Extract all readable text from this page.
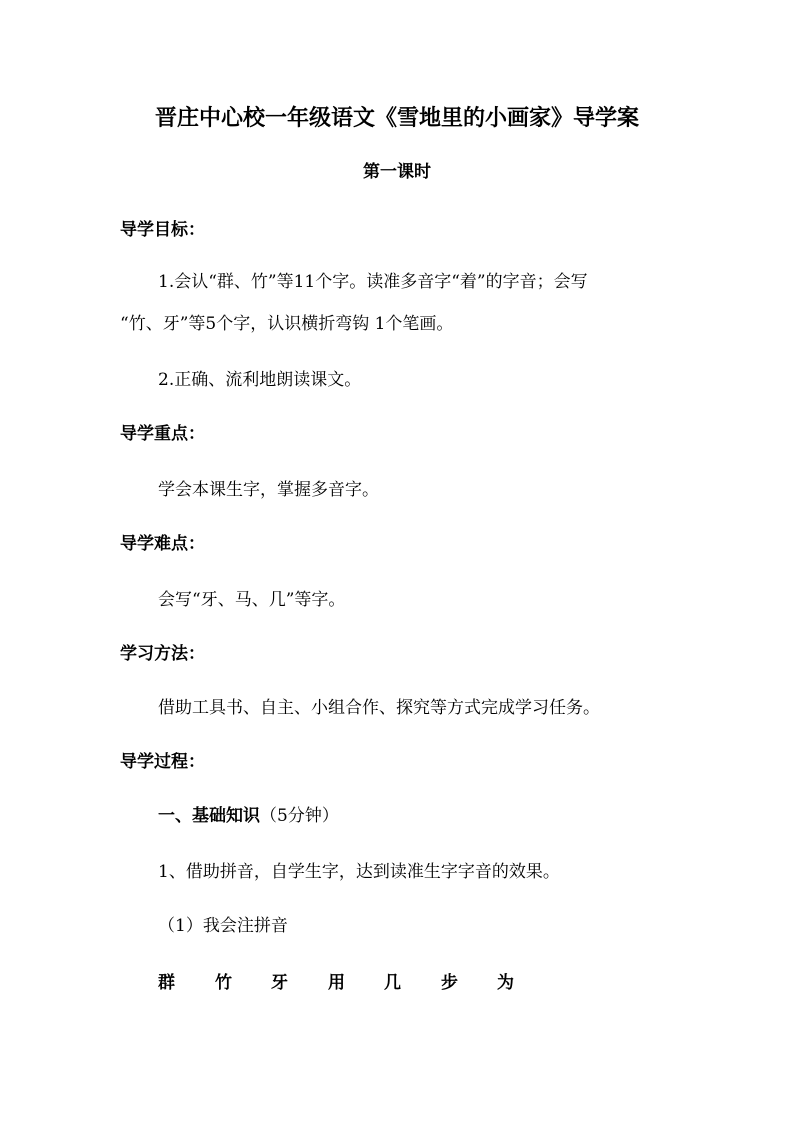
晋庄中心校一年级语文《雪地里的小画家》导学案
第一课时
导学目标：
1.会认“群、竹”等11个字。读准多音字“着”的字音；会写
“竹、牙”等5个字，认识横折弯钩 1个笔画。
2.正确、流利地朗读课文。
导学重点：
学会本课生字，掌握多音字。
导学难点：
会写“牙、马、几”等字。
学习方法：
借助工具书、自主、小组合作、探究等方式完成学习任务。
导学过程：
一、基础知识（5分钟）
1、借助拼音，自学生字，达到读准生字字音的效果。
（1）我会注拼音
群 竹 牙 用 几 步 为
